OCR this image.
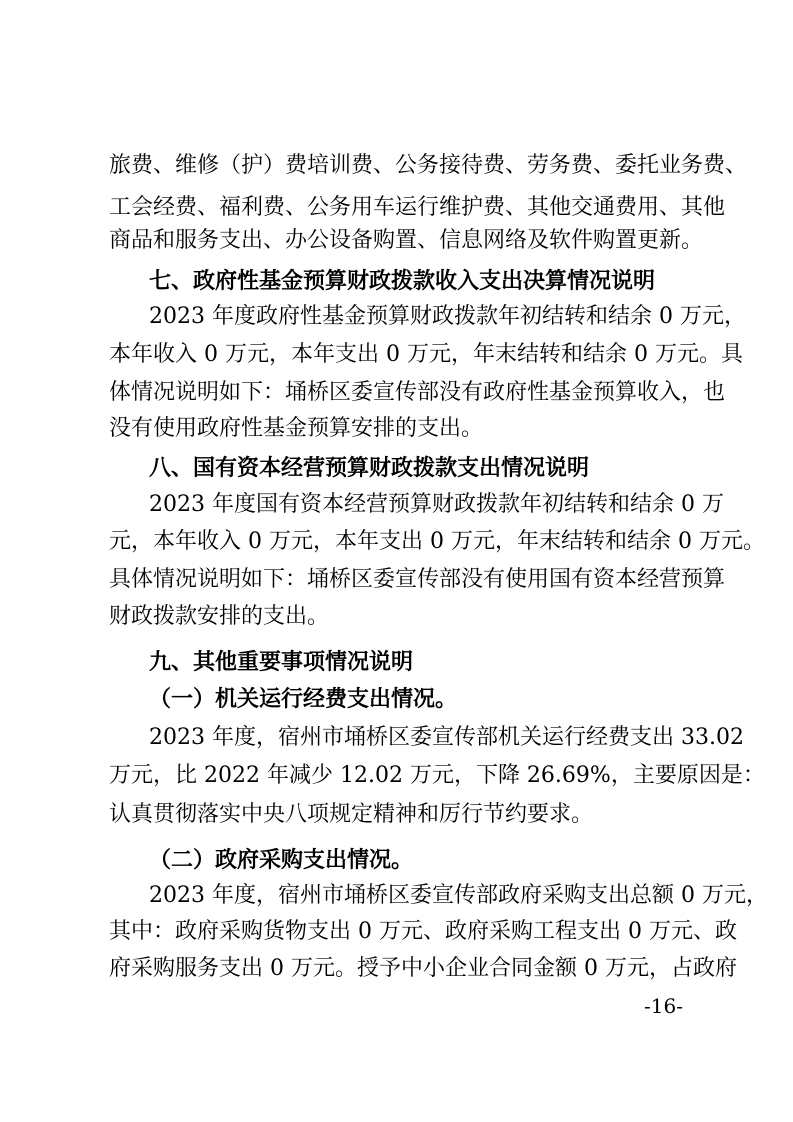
旅费、维修（护）费培训费、公务接待费、劳务费、委托业务费、
工会经费、福利费、公务用车运行维护费、其他交通费用、其他
商品和服务支出、办公设备购置、信息网络及软件购置更新。
七、政府性基金预算财政拨款收入支出决算情况说明
2023 年度政府性基金预算财政拨款年初结转和结余 0 万元，
本年收入 0 万元，本年支出 0 万元，年末结转和结余 0 万元。具
体情况说明如下：埇桥区委宣传部没有政府性基金预算收入，也
没有使用政府性基金预算安排的支出。
八、国有资本经营预算财政拨款支出情况说明
2023 年度国有资本经营预算财政拨款年初结转和结余 0 万
元，本年收入 0 万元，本年支出 0 万元，年末结转和结余 0 万元。
具体情况说明如下：埇桥区委宣传部没有使用国有资本经营预算
财政拨款安排的支出。
九、其他重要事项情况说明
（一）机关运行经费支出情况。
2023 年度，宿州市埇桥区委宣传部机关运行经费支出 33.02
万元，比 2022 年减少 12.02 万元，下降 26.69%，主要原因是：
认真贯彻落实中央八项规定精神和厉行节约要求。
（二）政府采购支出情况。
2023 年度，宿州市埇桥区委宣传部政府采购支出总额 0 万元，
其中：政府采购货物支出 0 万元、政府采购工程支出 0 万元、政
府采购服务支出 0 万元。授予中小企业合同金额 0 万元，占政府
-16-
